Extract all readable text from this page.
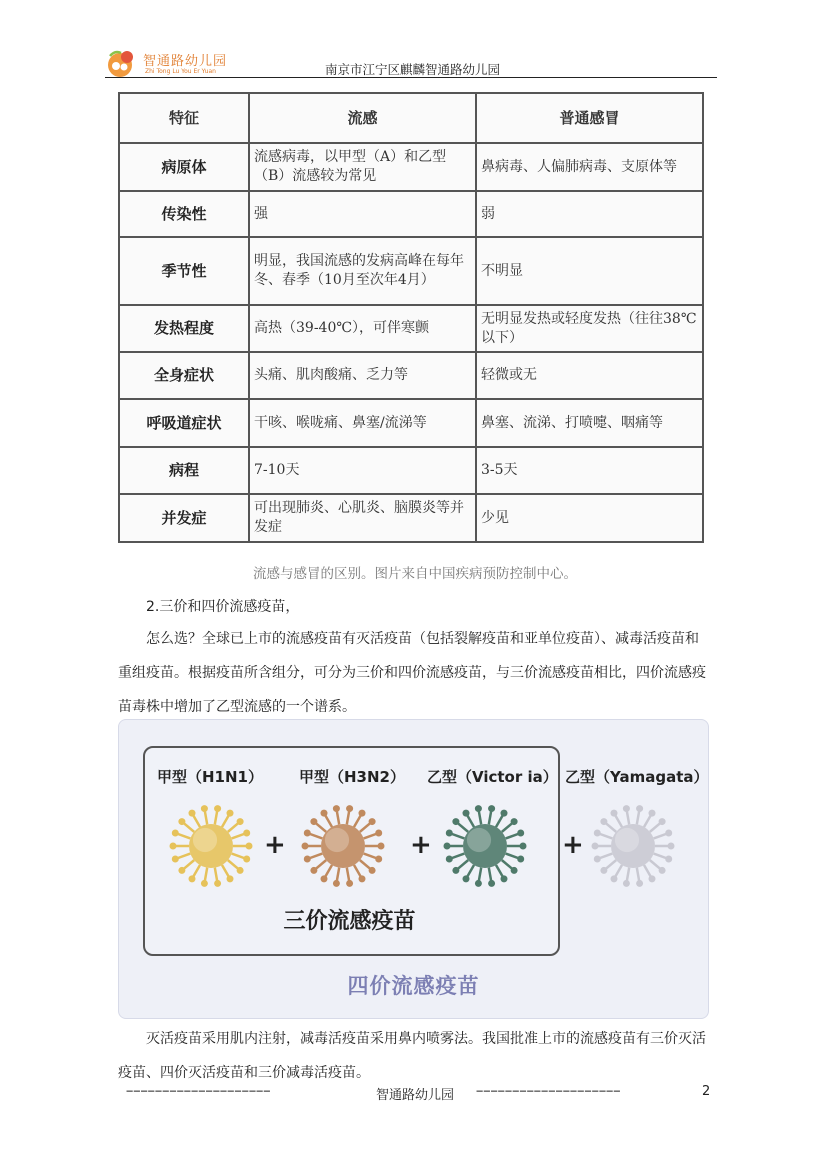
智通路幼儿园
Zhi Tong Lu You Er Yuan	南京市江宁区麒麟智通路幼儿园
特征	流感	普通感冒
病原体	流感病毒，以甲型（A）和乙型（B）流感较为常见	鼻病毒、人偏肺病毒、支原体等
传染性	强	弱
季节性	明显，我国流感的发病高峰在每年冬、春季（10月至次年4月）	不明显
发热程度	高热（39-40℃），可伴寒颤	无明显发热或轻度发热（往往38℃以下）
全身症状	头痛、肌肉酸痛、乏力等	轻微或无
呼吸道症状	干咳、喉咙痛、鼻塞/流涕等	鼻塞、流涕、打喷嚏、咽痛等
病程	7-10天	3-5天
并发症	可出现肺炎、心肌炎、脑膜炎等并发症	少见
流感与感冒的区别。图片来自中国疾病预防控制中心。
2.三价和四价流感疫苗，
怎么选？全球已上市的流感疫苗有灭活疫苗（包括裂解疫苗和亚单位疫苗）、减毒活疫苗和重组疫苗。根据疫苗所含组分，可分为三价和四价流感疫苗，与三价流感疫苗相比，四价流感疫苗毒株中增加了乙型流感的一个谱系。
甲型（H1N1） 甲型（H3N2） 乙型（Victor ia） 乙型（Yamagata）
+	+	+
三价流感疫苗
四价流感疫苗
灭活疫苗采用肌内注射，减毒活疫苗采用鼻内喷雾法。我国批准上市的流感疫苗有三价灭活疫苗、四价灭活疫苗和三价减毒活疫苗。
−−−−−−−−−−−−−−−−−−−−	智通路幼儿园 −−−−−−−−−−−−−−−−−−−−	2
